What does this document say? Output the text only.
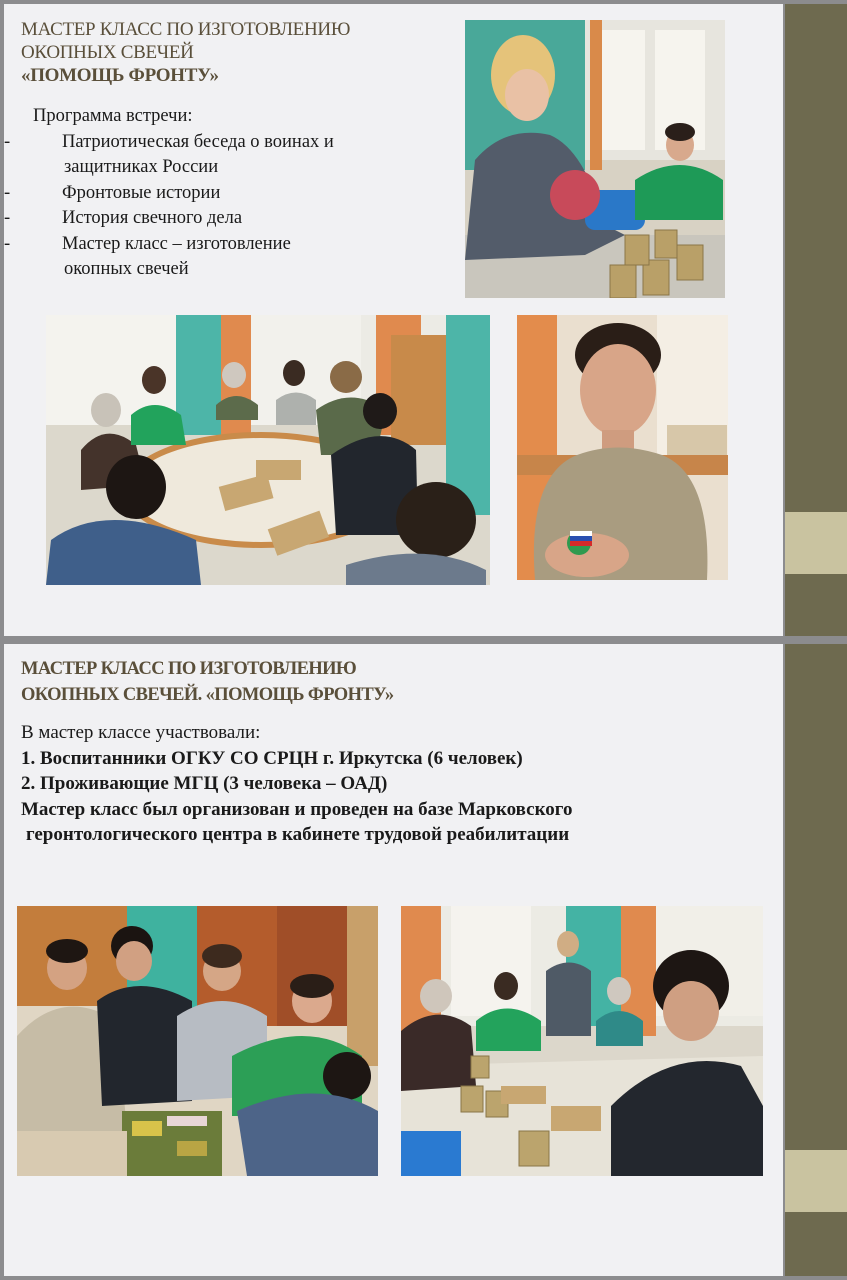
МАСТЕР КЛАСС ПО ИЗГОТОВЛЕНИЮ
ОКОПНЫХ СВЕЧЕЙ
«ПОМОЩЬ ФРОНТУ»
Программа встречи:
-	Патриотическая беседа о воинах и
защитниках России
-	Фронтовые истории
-	История свечного дела
-	Мастер класс – изготовление
окопных свечей
МАСТЕР КЛАСС ПО ИЗГОТОВЛЕНИЮ
ОКОПНЫХ СВЕЧЕЙ. «ПОМОЩЬ ФРОНТУ»
В мастер классе участвовали:
1. Воспитанники ОГКУ СО СРЦН г. Иркутска (6 человек)
2. Проживающие МГЦ (3 человека – ОАД)
Мастер класс был организован и проведен на базе Марковского
геронтологического центра в кабинете трудовой реабилитации
